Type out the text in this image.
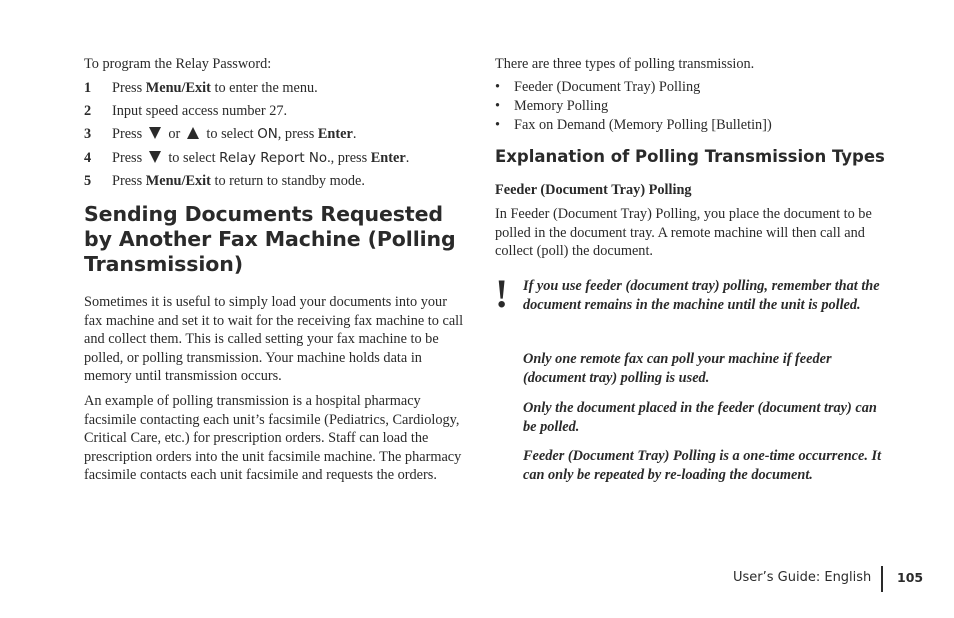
To program the Relay Password:

1 Press Menu/Exit to enter the menu.
2 Input speed access number 27.
3 Press  or  to select ON, press Enter.
4 Press  to select Relay Report No., press Enter.
5 Press Menu/Exit to return to standby mode.
Sending Documents Requested by Another Fax Machine (Polling Transmission)

Sometimes it is useful to simply load your documents into your fax machine and set it to wait for the receiving fax machine to call and collect them. This is called setting your fax machine to be polled, or polling transmission. Your machine holds data in memory until transmission occurs.

An example of polling transmission is a hospital pharmacy facsimile contacting each unit’s facsimile (Pediatrics, Cardiology, Critical Care, etc.) for prescription orders. Staff can load the prescription orders into the unit facsimile machine. The pharmacy facsimile contacts each unit facsimile and requests the orders.

There are three types of polling transmission.

• Feeder (Document Tray) Polling
• Memory Polling
• Fax on Demand (Memory Polling [Bulletin])
Explanation of Polling Transmission Types
Feeder (Document Tray) Polling

In Feeder (Document Tray) Polling, you place the document to be polled in the document tray. A remote machine will then call and collect (poll) the document.

! If you use feeder (document tray) polling, remember that the document remains in the machine until the unit is polled.

Only one remote fax can poll your machine if feeder (document tray) polling is used.

Only the document placed in the feeder (document tray) can be polled.

Feeder (Document Tray) Polling is a one-time occurrence. It can only be repeated by re-loading the document.

User’s Guide: English 105
